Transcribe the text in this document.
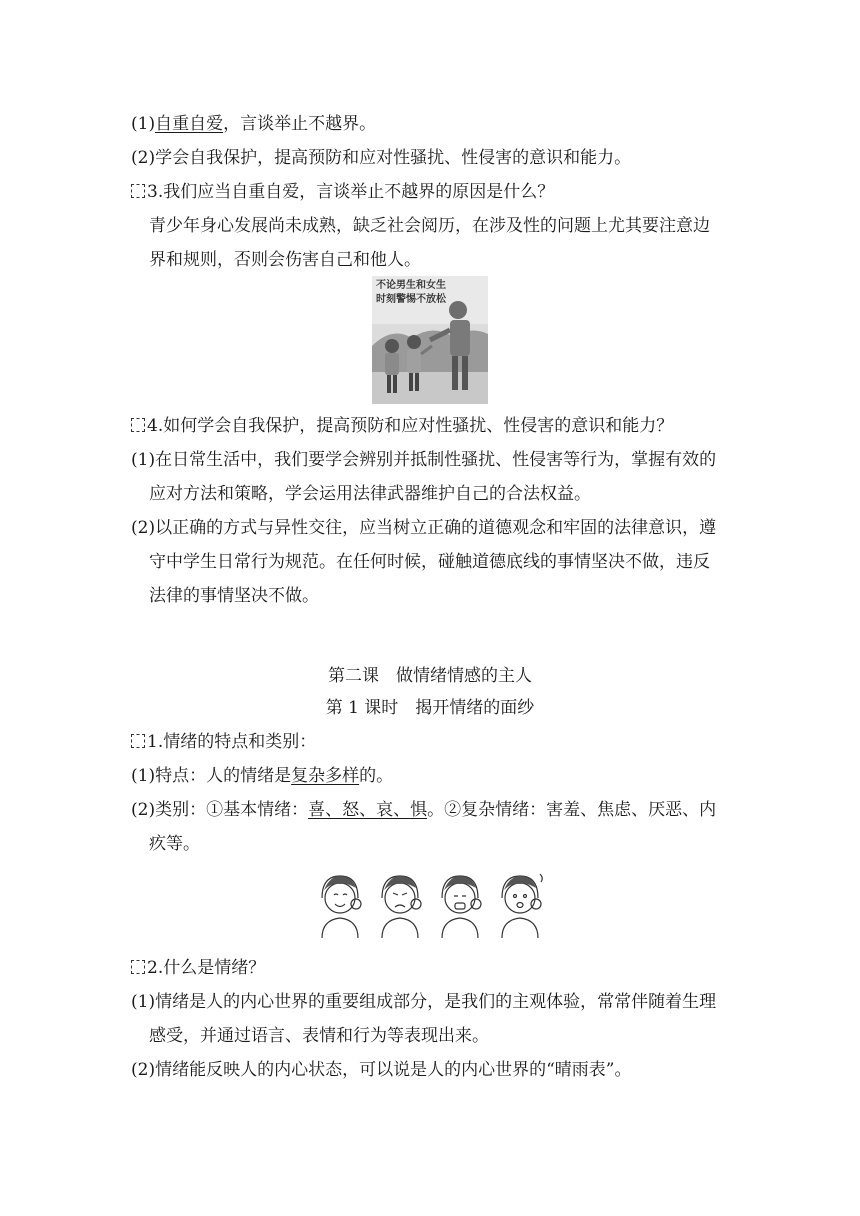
(1)自重自爱，言谈举止不越界。
(2)学会自我保护，提高预防和应对性骚扰、性侵害的意识和能力。
3.我们应当自重自爱，言谈举止不越界的原因是什么？
青少年身心发展尚未成熟，缺乏社会阅历，在涉及性的问题上尤其要注意边
界和规则，否则会伤害自己和他人。
不论男生和女生
时刻警惕不放松
4.如何学会自我保护，提高预防和应对性骚扰、性侵害的意识和能力？
(1)在日常生活中，我们要学会辨别并抵制性骚扰、性侵害等行为，掌握有效的
应对方法和策略，学会运用法律武器维护自己的合法权益。
(2)以正确的方式与异性交往，应当树立正确的道德观念和牢固的法律意识，遵
守中学生日常行为规范。在任何时候，碰触道德底线的事情坚决不做，违反
法律的事情坚决不做。
第二课　做情绪情感的主人
第 1 课时　揭开情绪的面纱
1.情绪的特点和类别：
(1)特点：人的情绪是复杂多样的。
(2)类别：①基本情绪：喜、怒、哀、惧。②复杂情绪：害羞、焦虑、厌恶、内
疚等。
2.什么是情绪？
(1)情绪是人的内心世界的重要组成部分，是我们的主观体验，常常伴随着生理
感受，并通过语言、表情和行为等表现出来。
(2)情绪能反映人的内心状态，可以说是人的内心世界的“晴雨表”。
